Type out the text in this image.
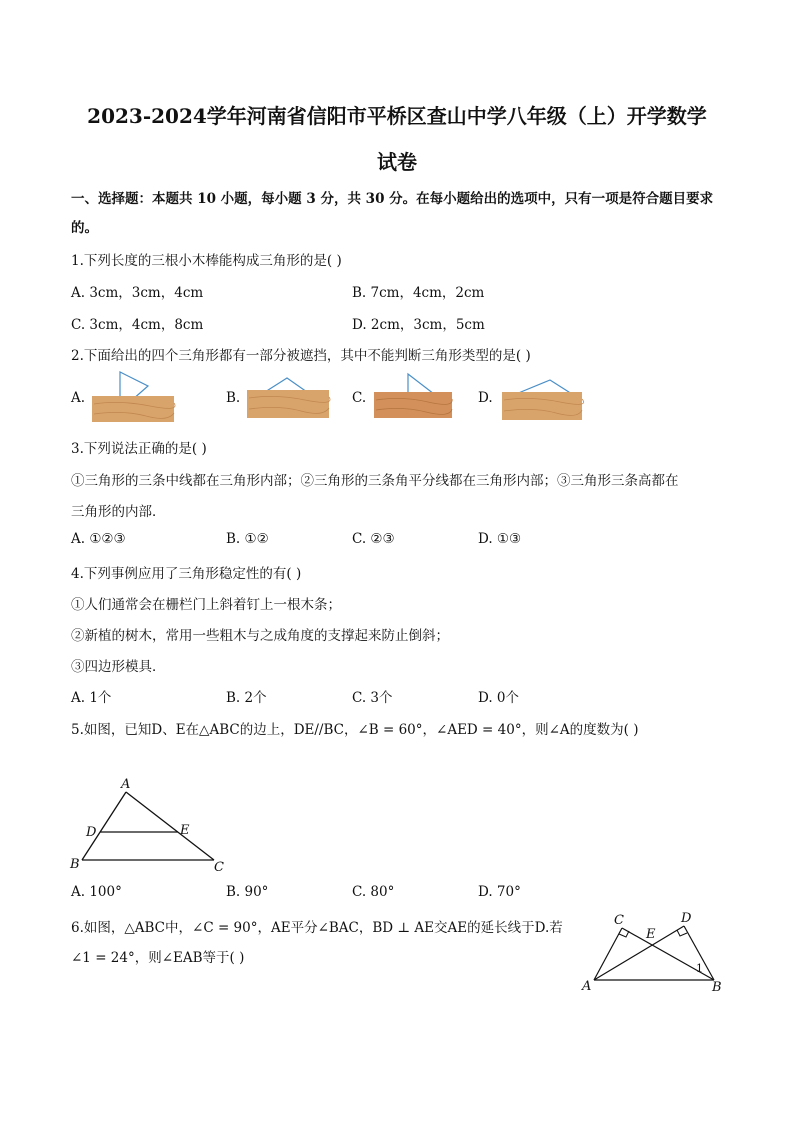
2023-2024学年河南省信阳市平桥区查山中学八年级（上）开学数学
试卷
一、选择题：本题共 10 小题，每小题 3 分，共 30 分。在每小题给出的选项中，只有一项是符合题目要求
的。
1.下列长度的三根小木棒能构成三角形的是( )
A. 3cm，3cm，4cm	B. 7cm，4cm，2cm
C. 3cm，4cm，8cm	D. 2cm，3cm，5cm
2.下面给出的四个三角形都有一部分被遮挡，其中不能判断三角形类型的是( )
A.	B.	C.	D.
3.下列说法正确的是( )
①三角形的三条中线都在三角形内部；②三角形的三条角平分线都在三角形内部；③三角形三条高都在
三角形的内部．
A. ①②③	B. ①②	C. ②③	D. ①③
4.下列事例应用了三角形稳定性的有( )
①人们通常会在栅栏门上斜着钉上一根木条；
②新植的树木，常用一些粗木与之成角度的支撑起来防止倒斜；
③四边形模具．
A. 1个	B. 2个	C. 3个	D. 0个
5.如图，已知D、E在△ABC的边上，DE//BC，∠B = 60°，∠AED = 40°，则∠A的度数为( )
A
D	E
B	C
A. 100°	B. 90°	C. 80°	D. 70°
6.如图，△ABC中，∠C = 90°，AE平分∠BAC，BD ⊥ AE交AE的延长线于D.若
∠1 = 24°，则∠EAB等于( )
C	D
E
A	B
1
